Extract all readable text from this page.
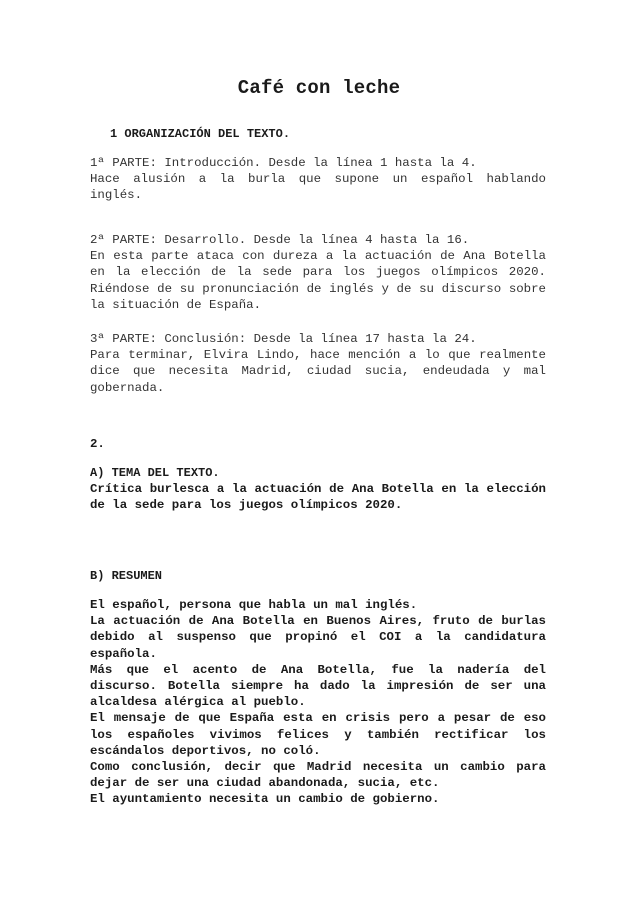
Café con leche
1 ORGANIZACIÓN DEL TEXTO.

1ª PARTE: Introducción. Desde la línea 1 hasta la 4.

Hace alusión a la burla que supone un español hablando inglés.

2ª PARTE: Desarrollo. Desde la línea 4 hasta la 16.

En esta parte ataca con dureza a la actuación de Ana Botella en la elección de la sede para los juegos olímpicos 2020. Riéndose de su pronunciación de inglés y de su discurso sobre la situación de España.

3ª PARTE: Conclusión: Desde la línea 17 hasta la 24.

Para terminar, Elvira Lindo, hace mención a lo que realmente dice que necesita Madrid, ciudad sucia, endeudada y mal gobernada.

2.

A) TEMA DEL TEXTO.

Crítica burlesca a la actuación de Ana Botella en la elección de la sede para los juegos olímpicos 2020.

B) RESUMEN

El español, persona que habla un mal inglés.

La actuación de Ana Botella en Buenos Aires, fruto de burlas debido al suspenso que propinó el COI a la candidatura española.

Más que el acento de Ana Botella, fue la nadería del discurso. Botella siempre ha dado la impresión de ser una alcaldesa alérgica al pueblo.

El mensaje de que España esta en crisis pero a pesar de eso los españoles vivimos felices y también rectificar los escándalos deportivos, no coló.

Como conclusión, decir que Madrid necesita un cambio para dejar de ser una ciudad abandonada, sucia, etc.

El ayuntamiento necesita un cambio de gobierno.
